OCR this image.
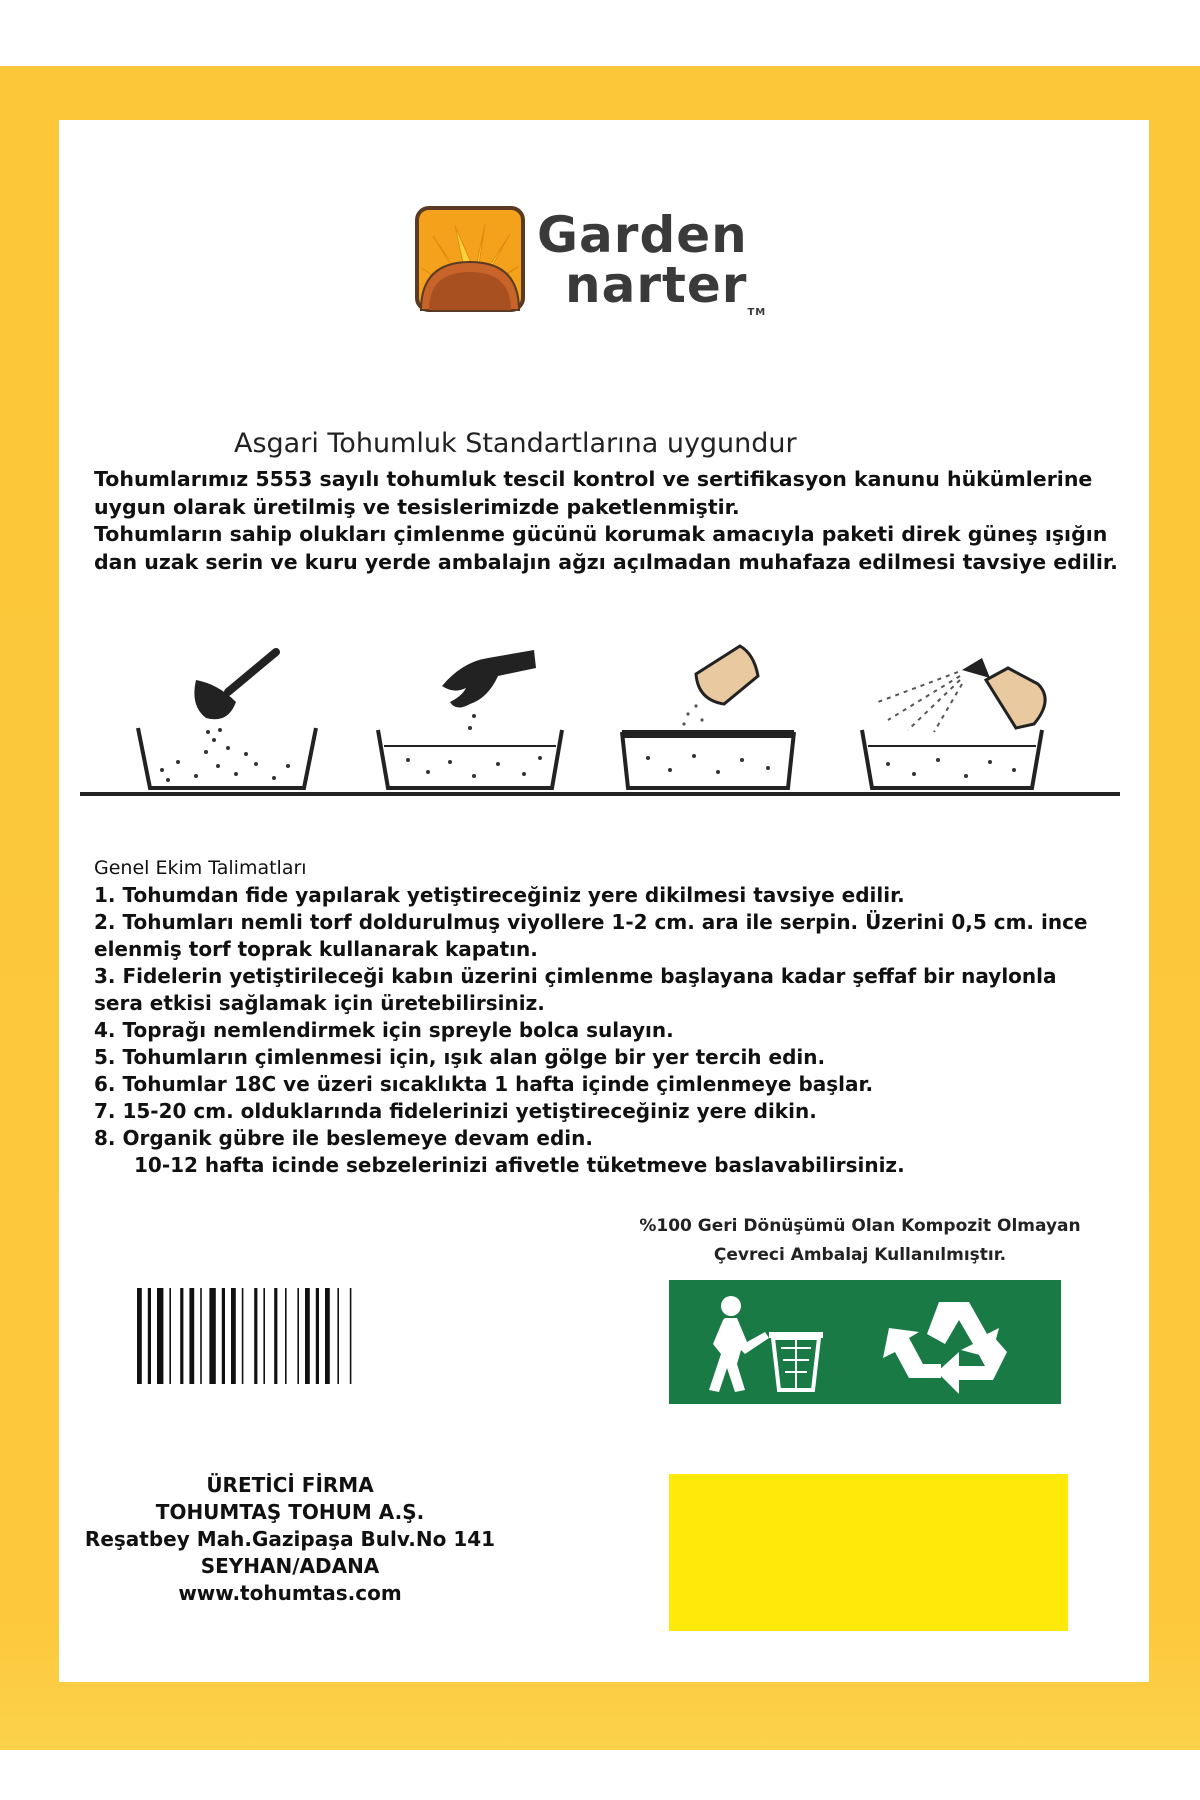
Garden
narter™
Asgari Tohumluk Standartlarına uygundur

Tohumlarımız 5553 sayılı tohumluk tescil kontrol ve sertifikasyon kanunu hükümlerine

uygun olarak üretilmiş ve tesislerimizde paketlenmiştir.

Tohumların sahip olukları çimlenme gücünü korumak amacıyla paketi direk güneş ışığın

dan uzak serin ve kuru yerde ambalajın ağzı açılmadan muhafaza edilmesi tavsiye edilir.

Genel Ekim Talimatları

1. Tohumdan fide yapılarak yetiştireceğiniz yere dikilmesi tavsiye edilir.

2. Tohumları nemli torf doldurulmuş viyollere 1-2 cm. ara ile serpin. Üzerini 0,5 cm. ince

elenmiş torf toprak kullanarak kapatın.

3. Fidelerin yetiştirileceği kabın üzerini çimlenme başlayana kadar şeffaf bir naylonla

sera etkisi sağlamak için üretebilirsiniz.

4. Toprağı nemlendirmek için spreyle bolca sulayın.

5. Tohumların çimlenmesi için, ışık alan gölge bir yer tercih edin.

6. Tohumlar 18C ve üzeri sıcaklıkta 1 hafta içinde çimlenmeye başlar.

7. 15-20 cm. olduklarında fidelerinizi yetiştireceğiniz yere dikin.

8. Organik gübre ile beslemeye devam edin.

10-12 hafta icinde sebzelerinizi afivetle tüketmeve baslavabilirsiniz.

%100 Geri Dönüşümü Olan Kompozit Olmayan
Çevreci Ambalaj Kullanılmıştır.

ÜRETİCİ FİRMA

TOHUMTAŞ TOHUM A.Ş.

Reşatbey Mah.Gazipaşa Bulv.No 141

SEYHAN/ADANA

www.tohumtas.com
